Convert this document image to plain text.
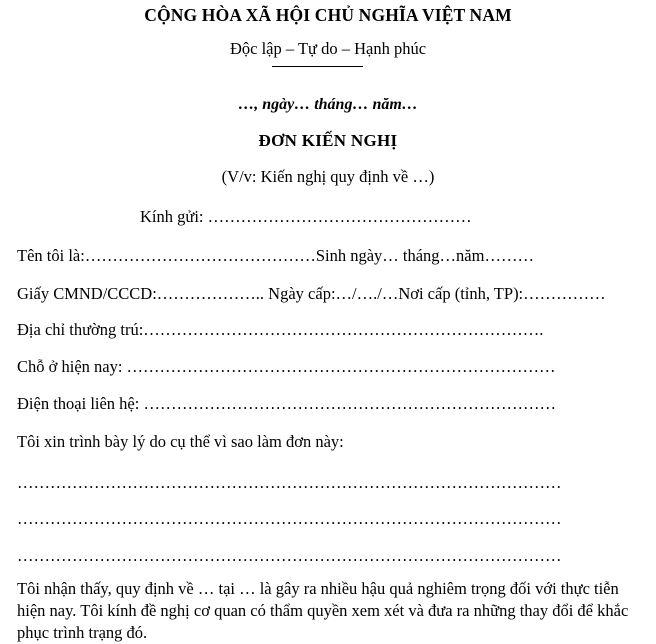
CỘNG HÒA XÃ HỘI CHỦ NGHĨA VIỆT NAM
Độc lập – Tự do – Hạnh phúc
…, ngày… tháng… năm…
ĐƠN KIẾN NGHỊ
(V/v: Kiến nghị quy định về …)
Kính gửi: …………………………………………
Tên tôi là:……………………………………Sinh ngày… tháng…năm………
Giấy CMND/CCCD:……………….. Ngày cấp:…/…./…Nơi cấp (tỉnh, TP):……………
Địa chỉ thường trú:……………………………………………………………….
Chỗ ở hiện nay: ……………………………………………………………………
Điện thoại liên hệ: …………………………………………………………………
Tôi xin trình bày lý do cụ thể vì sao làm đơn này:
………………………………………………………………………………………
………………………………………………………………………………………
………………………………………………………………………………………
Tôi nhận thấy, quy định về … tại … là gây ra nhiều hậu quả nghiêm trọng đối với thực tiễn hiện nay. Tôi kính đề nghị cơ quan có thẩm quyền xem xét và đưa ra những thay đổi để khắc phục trình trạng đó.
